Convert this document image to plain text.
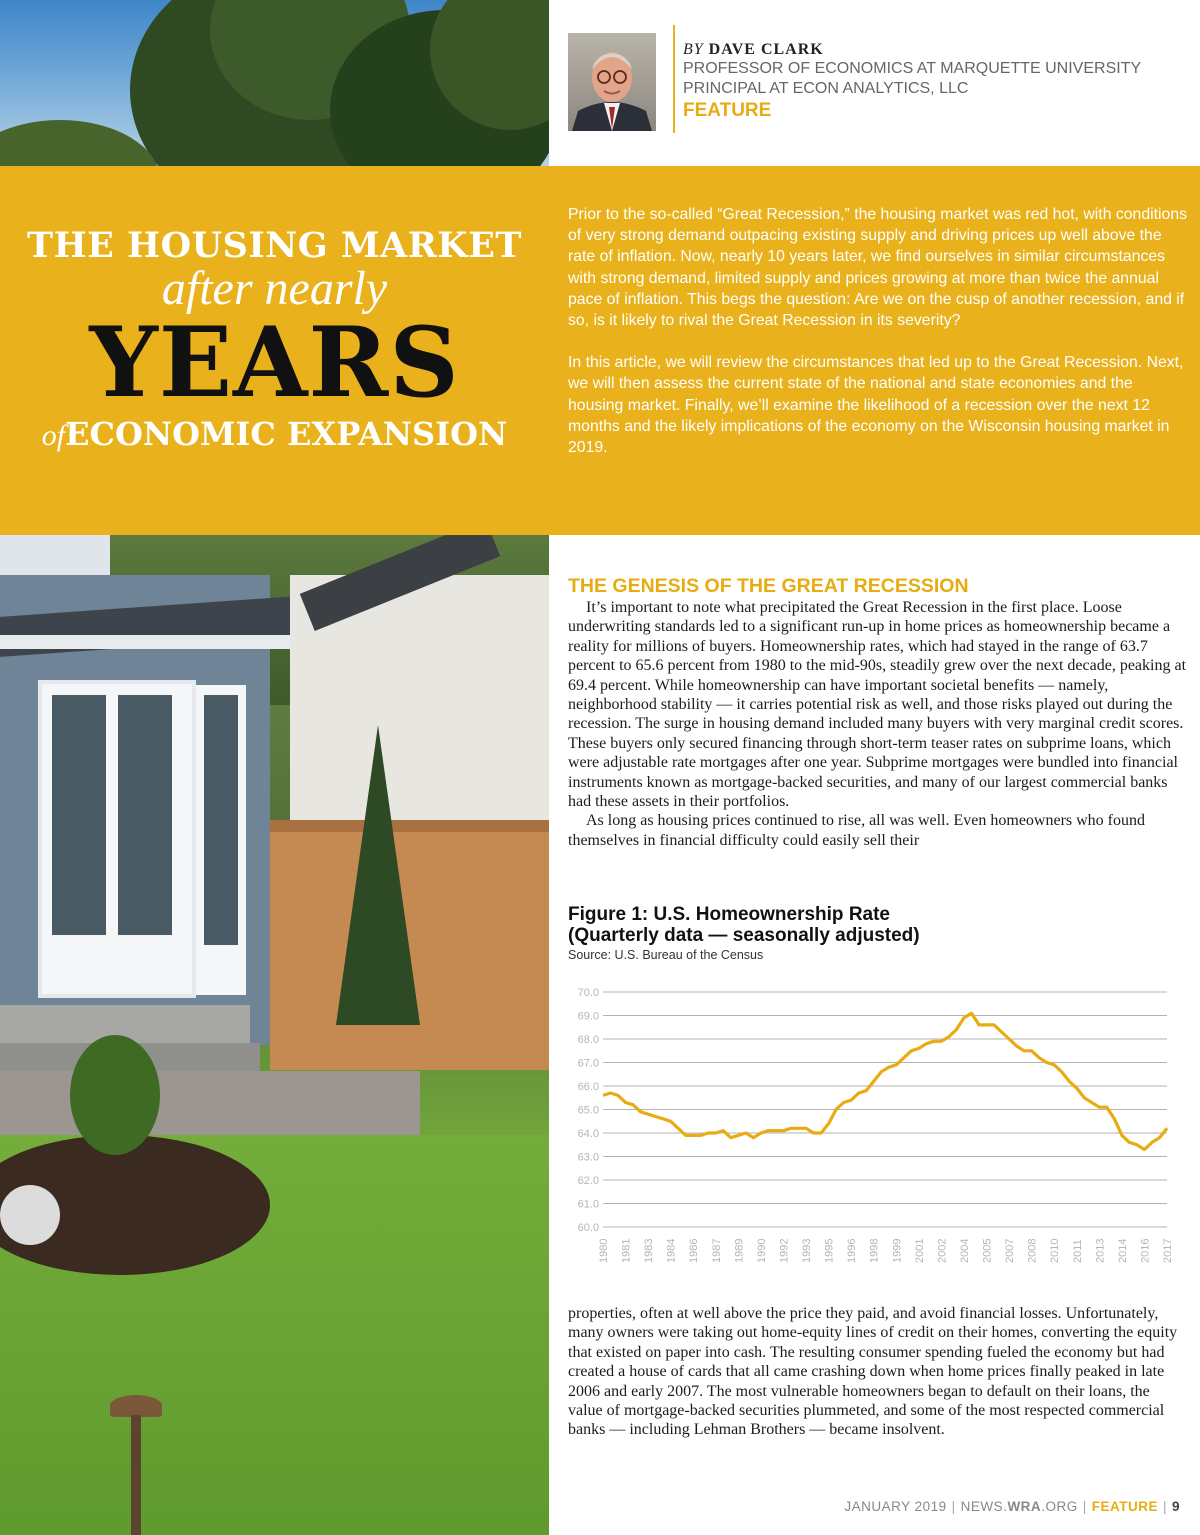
BY DAVE CLARK
PROFESSOR OF ECONOMICS AT MARQUETTE UNIVERSITY
PRINCIPAL AT ECON ANALYTICS, LLC
FEATURE
THE HOUSING MARKET
after nearly
YEARS
ofECONOMIC EXPANSION

Prior to the so-called “Great Recession,” the housing market was red hot, with conditions of very strong demand outpacing existing supply and driving prices up well above the rate of inflation. Now, nearly 10 years later, we find ourselves in similar circumstances with strong demand, limited supply and prices growing at more than twice the annual pace of inflation. This begs the question: Are we on the cusp of another recession, and if so, is it likely to rival the Great Recession in its severity?

In this article, we will review the circumstances that led up to the Great Recession. Next, we will then assess the current state of the national and state economies and the housing market. Finally, we’ll examine the likelihood of a recession over the next 12 months and the likely implications of the economy on the Wisconsin housing market in 2019.

THE GENESIS OF THE GREAT RECESSION

It’s important to note what precipitated the Great Recession in the first place. Loose underwriting standards led to a significant run-up in home prices as homeownership became a reality for millions of buyers. Homeownership rates, which had stayed in the range of 63.7 percent to 65.6 percent from 1980 to the mid-90s, steadily grew over the next decade, peaking at 69.4 percent. While homeownership can have important societal benefits — namely, neighborhood stability — it carries potential risk as well, and those risks played out during the recession. The surge in housing demand included many buyers with very marginal credit scores. These buyers only secured financing through short-term teaser rates on subprime loans, which were adjustable rate mortgages after one year. Subprime mortgages were bundled into financial instruments known as mortgage-backed securities, and many of our largest commercial banks had these assets in their portfolios.

As long as housing prices continued to rise, all was well. Even homeowners who found themselves in financial difficulty could easily sell their

Figure 1: U.S. Homeownership Rate
(Quarterly data — seasonally adjusted)
Source: U.S. Bureau of the Census
70.0
69.0
68.0
67.0
66.0
65.0
64.0
63.0
62.0
61.0
60.0
1980 1981 1983 1984 1986 1987 1989 1990 1992 1993 1995 1996 1998 1999 2001 2002 2004 2005 2007 2008 2010 2011 2013 2014 2016 2017

properties, often at well above the price they paid, and avoid financial losses. Unfortunately, many owners were taking out home-equity lines of credit on their homes, converting the equity that existed on paper into cash. The resulting consumer spending fueled the economy but had created a house of cards that all came crashing down when home prices finally peaked in late 2006 and early 2007. The most vulnerable homeowners began to default on their loans, the value of mortgage-backed securities plummeted, and some of the most respected commercial banks — including Lehman Brothers — became insolvent.

JANUARY 2019 | NEWS.WRA.ORG | FEATURE | 9
